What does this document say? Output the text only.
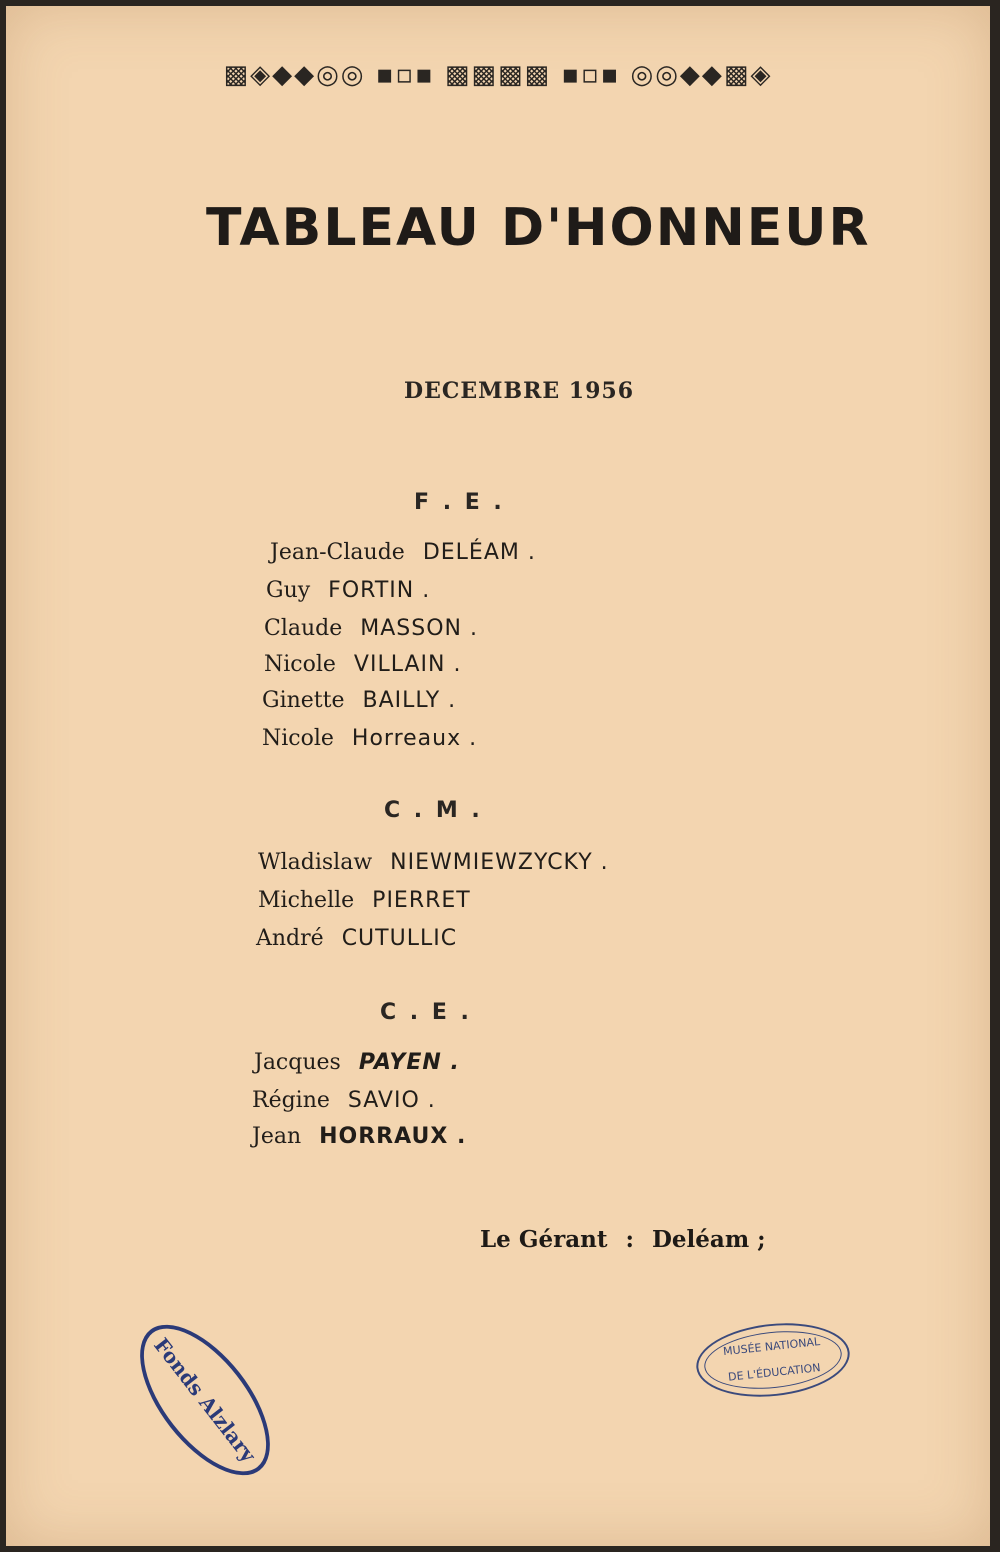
▩◈◆◆◎◎ ▪▫▪ ▩▩▩▩ ▪▫▪ ◎◎◆◆▩◈
TABLEAU D'HONNEUR
DECEMBRE 1956
F . E .
Jean-Claude DELÉAM .
Guy FORTIN .
Claude MASSON .
Nicole VILLAIN .
Ginette BAILLY .
Nicole Horreaux .
C . M .
Wladislaw NIEWMIEWZYCKY .
Michelle PIERRET
André CUTULLIC
C . E .
Jacques PAYEN .
Régine SAVIO .
Jean HORRAUX .
Le Gérant : Deléam ;
Fonds Alzlary	MUSÉE NATIONAL
DE L'ÉDUCATION
